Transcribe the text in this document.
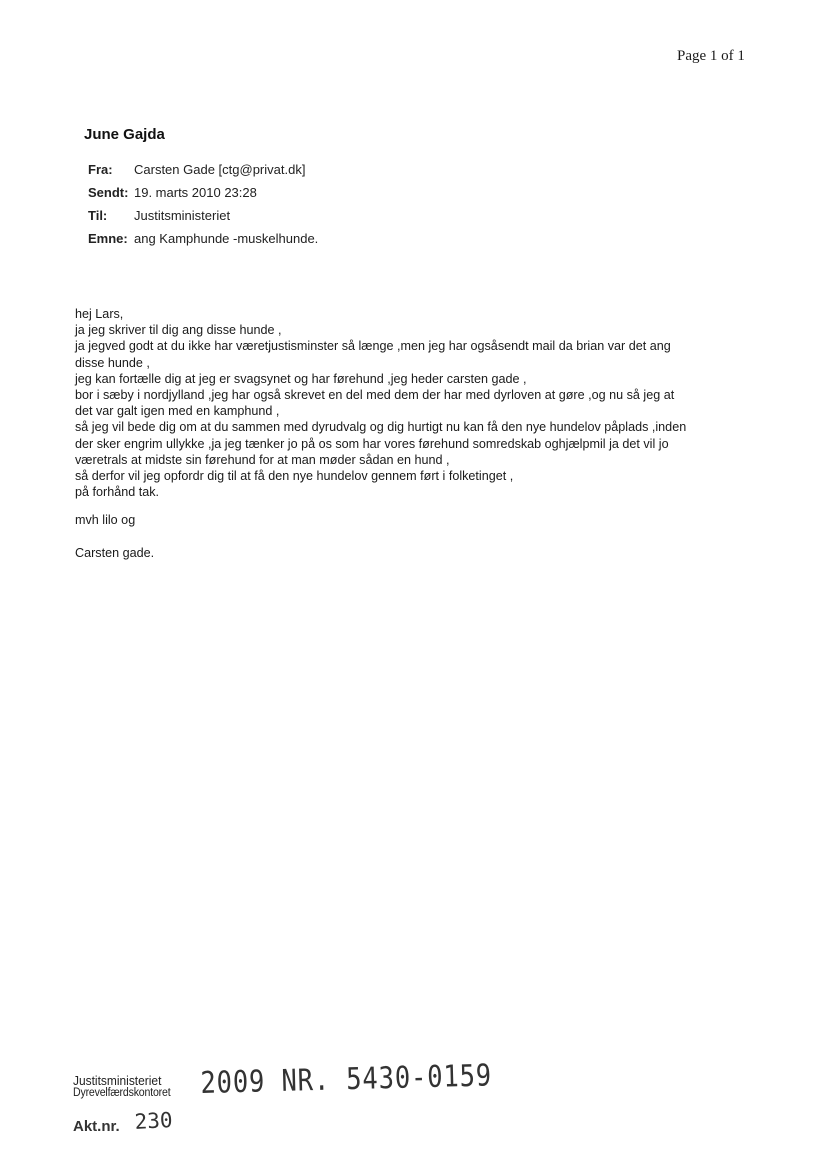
Page 1 of 1
June Gajda
Fra:	Carsten Gade [ctg@privat.dk]
Sendt:	19. marts 2010 23:28
Til:	Justitsministeriet
Emne:	ang Kamphunde -muskelhunde.
hej Lars,
ja jeg skriver til dig ang disse hunde ,
ja jegved godt at du ikke har væretjustisminster så længe ,men jeg har ogsåsendt mail da brian var det ang
disse hunde ,
jeg kan fortælle dig at jeg er svagsynet og har førehund ,jeg heder carsten gade ,
bor i sæby i nordjylland ,jeg har også skrevet en del med dem der har med dyrloven at gøre ,og nu så jeg at
det var galt igen med en kamphund ,
så jeg vil bede dig om at du sammen med dyrudvalg og dig hurtigt nu kan få den nye hundelov påplads ,inden
der sker engrim ullykke ,ja jeg tænker jo på os som har vores førehund somredskab oghjælpmil ja det vil jo
væretrals at midste sin førehund for at man møder sådan en hund ,
så derfor vil jeg opfordr dig til at få den nye hundelov gennem ført i folketinget ,
på forhånd tak.
mvh lilo og
Carsten gade.
Justitsministeriet
Dyrevelfærdskontoret 2009 NR. 5430-0159
Akt.nr. 230
